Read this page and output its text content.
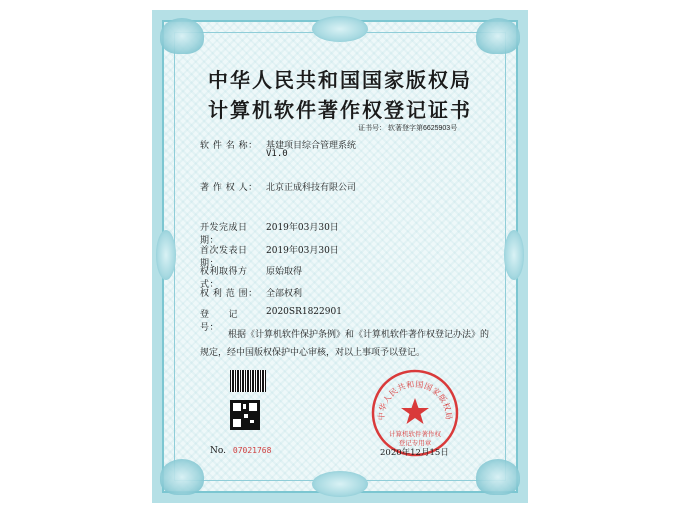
中华人民共和国国家版权局
计算机软件著作权登记证书
证书号： 软著登字第6625903号
软 件 名 称： 基建项目综合管理系统
V1.0
著 作 权 人： 北京正成科技有限公司
开发完成日期：
2019年03月30日
首次发表日期：
2019年03月30日
权利取得方式：
原始取得
权 利 范 围： 全部权利
登　　记　号：
2020SR1822901

根据《计算机软件保护条例》和《计算机软件著作权登记办法》的

规定，经中国版权保护中心审核，对以上事项予以登记。

No. 07021768
中华人民共和国国家版权局
计算机软件著作权
登记专用章
2020年12月15日
